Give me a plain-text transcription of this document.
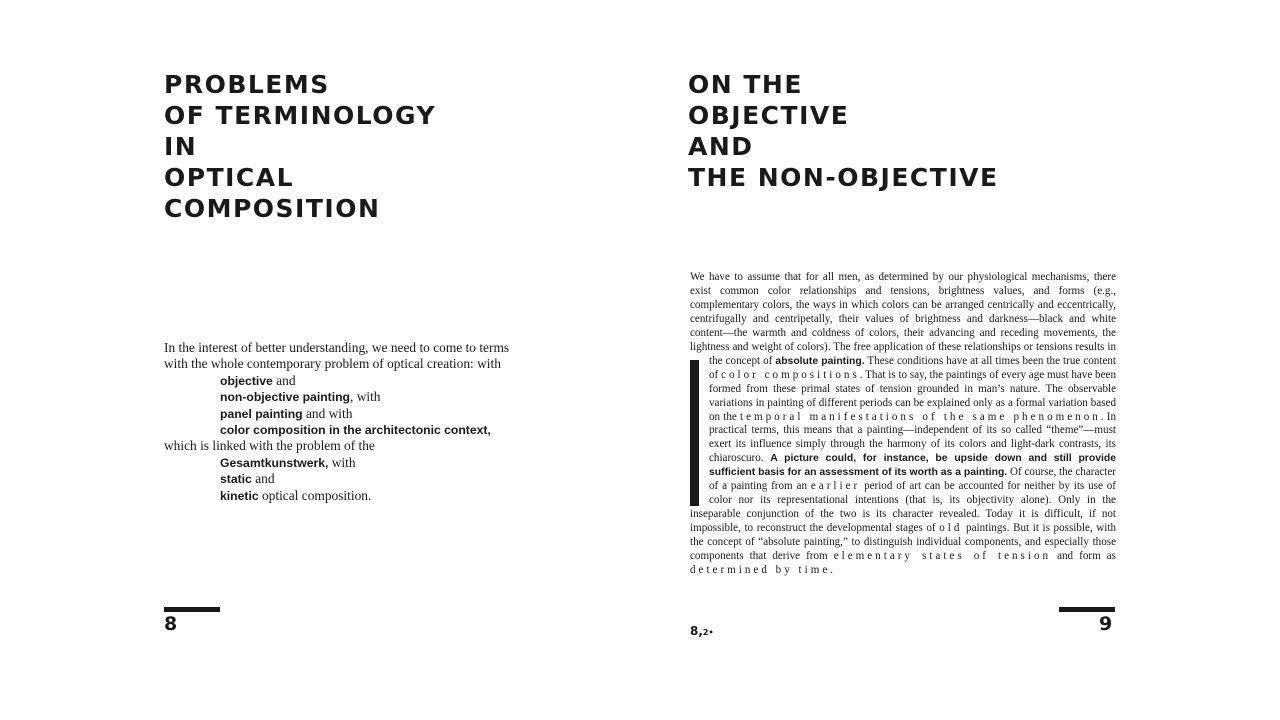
PROBLEMS
OF TERMINOLOGY
IN
OPTICAL
COMPOSITION
In the interest of better understanding, we need to come to terms
with the whole contemporary problem of optical creation: with
objective and
non-objective painting, with
panel painting and with
color composition in the architectonic context,
which is linked with the problem of the
Gesamtkunstwerk, with
static and
kinetic optical composition.
8
ON THE
OBJECTIVE
AND
THE NON-OBJECTIVE

We have to assume that for all men, as determined by our physiological mechanisms, there exist common color relationships and tensions, brightness values, and forms (e.g., complementary colors, the ways in which colors can be arranged centrically and eccentrically, centrifugally and centripetally, their values of brightness and darkness—black and white content—the warmth and coldness of colors, their advancing and receding movements, the lightness and weight of colors). The free application of these relationships or tensions results in the concept of
absolute painting. These conditions have at all times been the true content of color compositions. That is to say, the paintings of every age must have been formed from these primal states of tension grounded in man’s nature. The observable variations in painting of different periods can be explained only as a formal variation based on the temporal manifestations of the same phenomenon. In practical terms, this means that a painting—independent of its so called “theme”—must exert its influence simply through the harmony of its colors and light-dark contrasts, its chiaroscuro. A picture could, for instance, be upside down and still provide sufficient basis for an assessment of its worth as a painting. Of course, the character of a painting from an earlier period of art can be accounted for neither by its use of color nor its representational intentions (that is, its objectivity alone). Only in the inseparable conjunction of the two is its character revealed. Today it is difficult, if not impossible, to reconstruct the developmental stages of old paintings. But it is possible, with the concept of “absolute painting,” to distinguish individual components, and especially those components that derive from elementary states of tension and form as determined by time.

8,2•	9
